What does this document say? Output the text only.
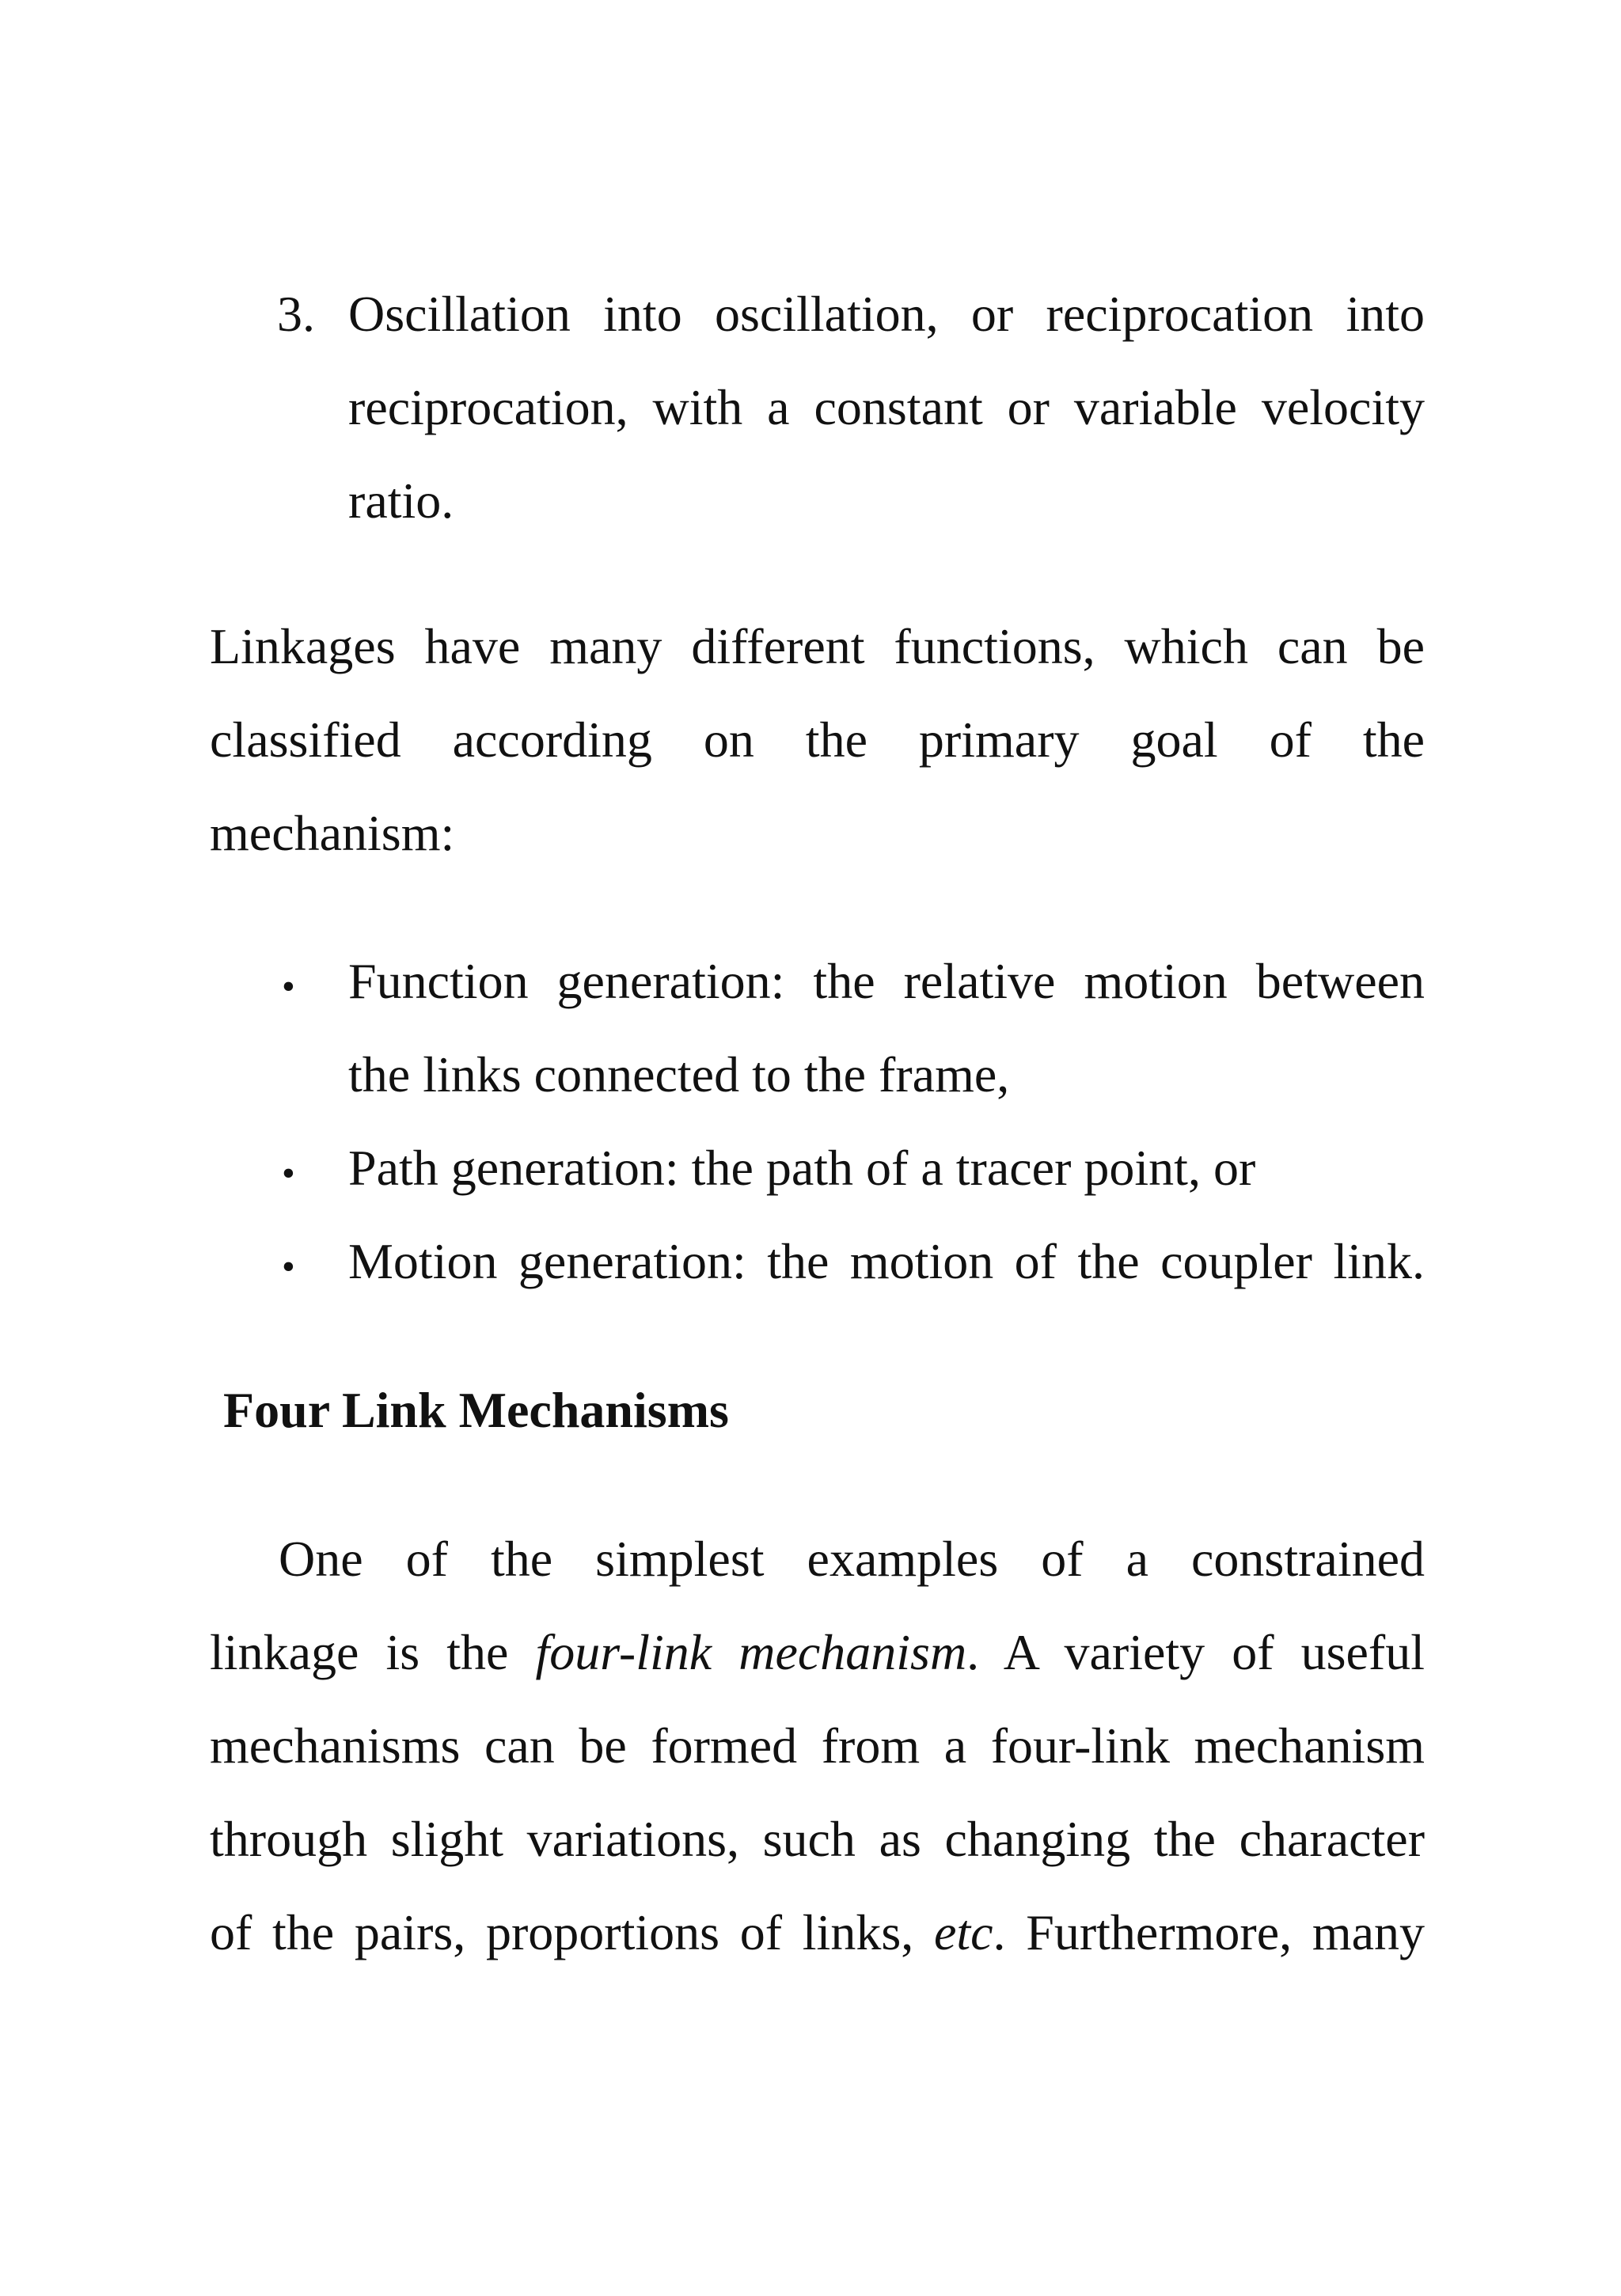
3. Oscillation into oscillation, or reciprocation into
reciprocation, with a constant or variable velocity
ratio.
Linkages have many different functions, which can be
classified according on the primary goal of the
mechanism:
• Function generation: the relative motion between
the links connected to the frame,
• Path generation: the path of a tracer point, or
• Motion generation: the motion of the coupler link.
Four Link Mechanisms
One of the simplest examples of a constrained
linkage is the four-link mechanism. A variety of useful
mechanisms can be formed from a four-link mechanism
through slight variations, such as changing the character
of the pairs, proportions of links, etc. Furthermore, many
